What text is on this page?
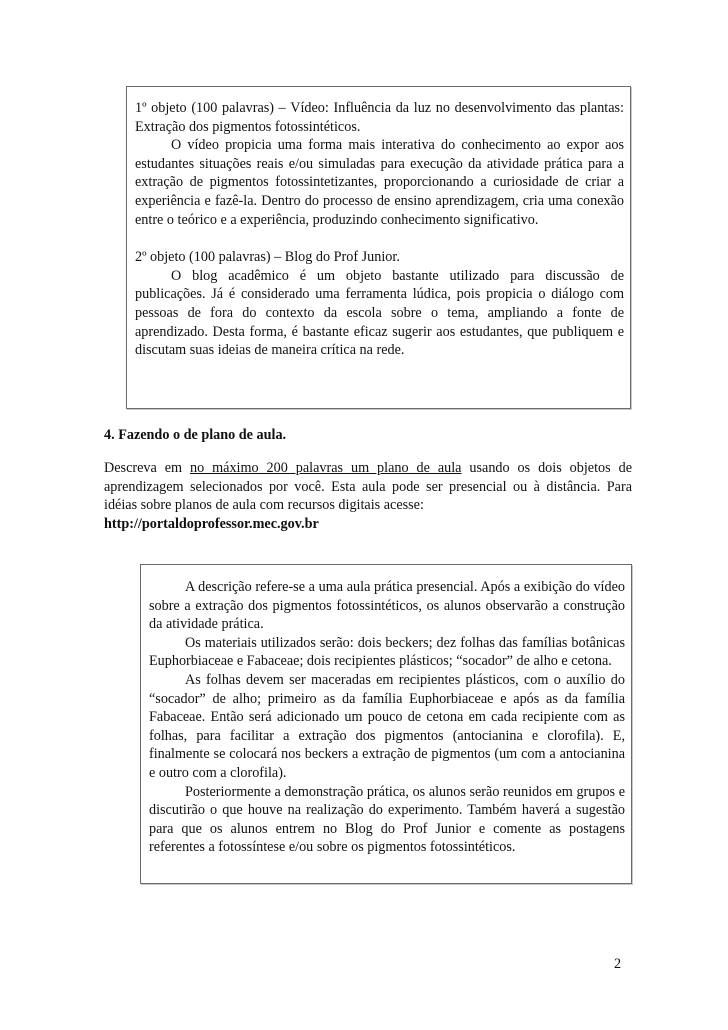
1º objeto (100 palavras) – Vídeo: Influência da luz no desenvolvimento das plantas: Extração dos pigmentos fotossintéticos.

O vídeo propicia uma forma mais interativa do conhecimento ao expor aos estudantes situações reais e/ou simuladas para execução da atividade prática para a extração de pigmentos fotossintetizantes, proporcionando a curiosidade de criar a experiência e fazê-la. Dentro do processo de ensino aprendizagem, cria uma conexão entre o teórico e a experiência, produzindo conhecimento significativo.

2º objeto (100 palavras) – Blog do Prof Junior.

O blog acadêmico é um objeto bastante utilizado para discussão de publicações. Já é considerado uma ferramenta lúdica, pois propicia o diálogo com pessoas de fora do contexto da escola sobre o tema, ampliando a fonte de aprendizado. Desta forma, é bastante eficaz sugerir aos estudantes, que publiquem e discutam suas ideias de maneira crítica na rede.

4. Fazendo o de plano de aula.

Descreva em no máximo 200 palavras um plano de aula usando os dois objetos de aprendizagem selecionados por você. Esta aula pode ser presencial ou à distância. Para idéias sobre planos de aula com recursos digitais acesse:

http://portaldoprofessor.mec.gov.br

A descrição refere-se a uma aula prática presencial. Após a exibição do vídeo sobre a extração dos pigmentos fotossintéticos, os alunos observarão a construção da atividade prática.

Os materiais utilizados serão: dois beckers; dez folhas das famílias botânicas Euphorbiaceae e Fabaceae; dois recipientes plásticos; “socador” de alho e cetona.

As folhas devem ser maceradas em recipientes plásticos, com o auxílio do “socador” de alho; primeiro as da família Euphorbiaceae e após as da família Fabaceae. Então será adicionado um pouco de cetona em cada recipiente com as folhas, para facilitar a extração dos pigmentos (antocianina e clorofila). E, finalmente se colocará nos beckers a extração de pigmentos (um com a antocianina e outro com a clorofila).

Posteriormente a demonstração prática, os alunos serão reunidos em grupos e discutirão o que houve na realização do experimento. Também haverá a sugestão para que os alunos entrem no Blog do Prof Junior e comente as postagens referentes a fotossíntese e/ou sobre os pigmentos fotossintéticos.

2
